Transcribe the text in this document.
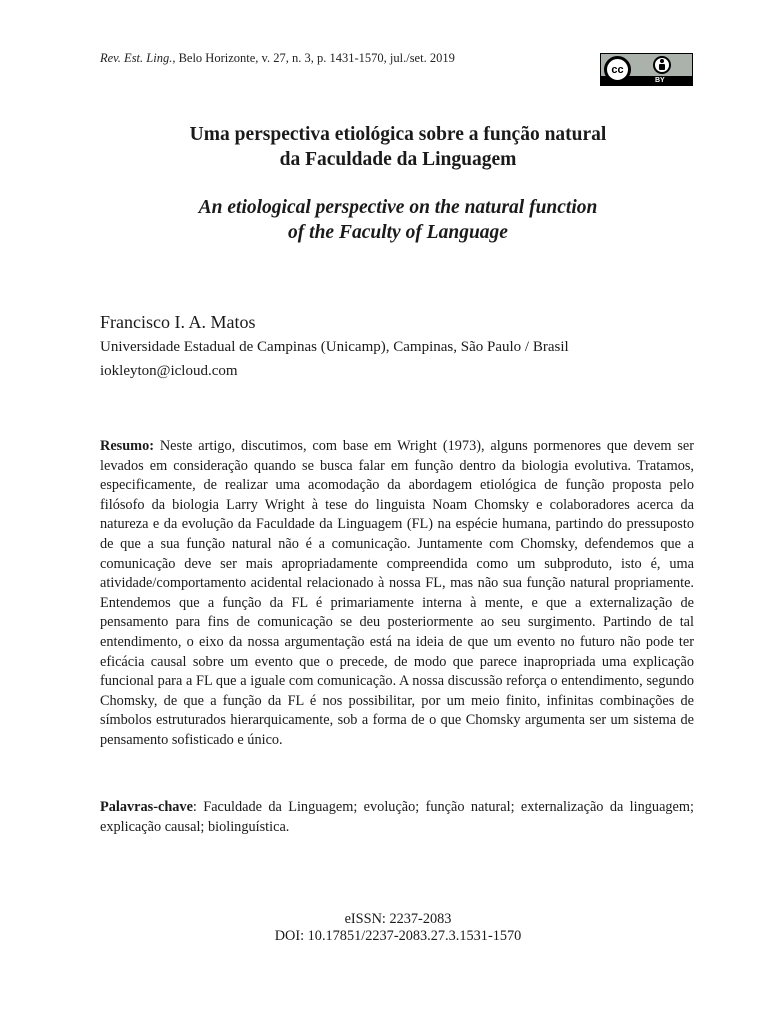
Rev. Est. Ling., Belo Horizonte, v. 27, n. 3, p. 1431-1570, jul./set. 2019
cc
BY
Uma perspectiva etiológica sobre a função natural
da Faculdade da Linguagem
An etiological perspective on the natural function
of the Faculty of Language
Francisco I. A. Matos
Universidade Estadual de Campinas (Unicamp), Campinas, São Paulo / Brasil
iokleyton@icloud.com
Resumo: Neste artigo, discutimos, com base em Wright (1973), alguns pormenores que devem ser levados em consideração quando se busca falar em função dentro da biologia evolutiva. Tratamos, especificamente, de realizar uma acomodação da abordagem etiológica de função proposta pelo filósofo da biologia Larry Wright à tese do linguista Noam Chomsky e colaboradores acerca da natureza e da evolução da Faculdade da Linguagem (FL) na espécie humana, partindo do pressuposto de que a sua função natural não é a comunicação. Juntamente com Chomsky, defendemos que a comunicação deve ser mais apropriadamente compreendida como um subproduto, isto é, uma atividade/comportamento acidental relacionado à nossa FL, mas não sua função natural propriamente. Entendemos que a função da FL é primariamente interna à mente, e que a externalização de pensamento para fins de comunicação se deu posteriormente ao seu surgimento. Partindo de tal entendimento, o eixo da nossa argumentação está na ideia de que um evento no futuro não pode ter eficácia causal sobre um evento que o precede, de modo que parece inapropriada uma explicação funcional para a FL que a iguale com comunicação. A nossa discussão reforça o entendimento, segundo Chomsky, de que a função da FL é nos possibilitar, por um meio finito, infinitas combinações de símbolos estruturados hierarquicamente, sob a forma de o que Chomsky argumenta ser um sistema de pensamento sofisticado e único.
Palavras-chave: Faculdade da Linguagem; evolução; função natural; externalização da linguagem; explicação causal; biolinguística.
eISSN: 2237-2083
DOI: 10.17851/2237-2083.27.3.1531-1570
